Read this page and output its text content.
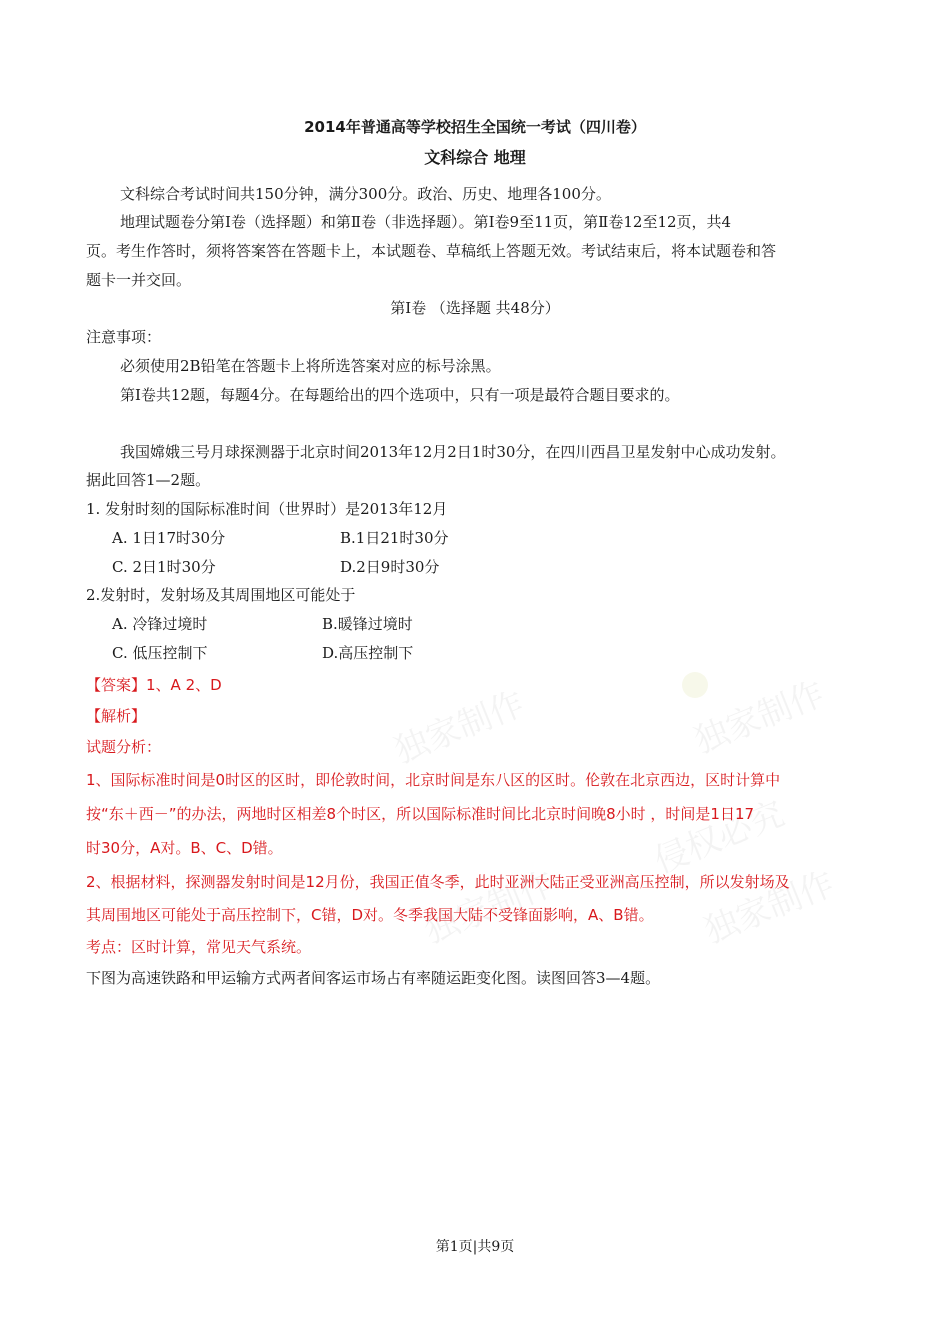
2014年普通高等学校招生全国统一考试（四川卷）
文科综合 地理
文科综合考试时间共150分钟，满分300分。政治、历史、地理各100分。
地理试题卷分第Ⅰ卷（选择题）和第Ⅱ卷（非选择题）。第Ⅰ卷9至11页，第Ⅱ卷12至12页，共4
页。考生作答时，须将答案答在答题卡上，本试题卷、草稿纸上答题无效。考试结束后，将本试题卷和答
题卡一并交回。
第Ⅰ卷 （选择题 共48分）
注意事项：
必须使用2B铅笔在答题卡上将所选答案对应的标号涂黑。
第Ⅰ卷共12题，每题4分。在每题给出的四个选项中，只有一项是最符合题目要求的。
我国嫦娥三号月球探测器于北京时间2013年12月2日1时30分，在四川西昌卫星发射中心成功发射。
据此回答1—2题。
1. 发射时刻的国际标准时间（世界时）是2013年12月
A. 1日17时30分	B.1日21时30分
C. 2日1时30分	D.2日9时30分
2.发射时，发射场及其周围地区可能处于
A. 冷锋过境时	B.暖锋过境时
C. 低压控制下	D.高压控制下
【答案】1、A 2、D
【解析】
试题分析：
1、国际标准时间是0时区的区时，即伦敦时间，北京时间是东八区的区时。伦敦在北京西边，区时计算中
按“东＋西－”的办法，两地时区相差8个时区，所以国际标准时间比北京时间晚8小时 ，时间是1日17
时30分，A对。B、C、D错。
2、根据材料，探测器发射时间是12月份，我国正值冬季，此时亚洲大陆正受亚洲高压控制，所以发射场及
其周围地区可能处于高压控制下，C错，D对。冬季我国大陆不受锋面影响，A、B错。
考点：区时计算，常见天气系统。
下图为高速铁路和甲运输方式两者间客运市场占有率随运距变化图。读图回答3—4题。
第1页|共9页
